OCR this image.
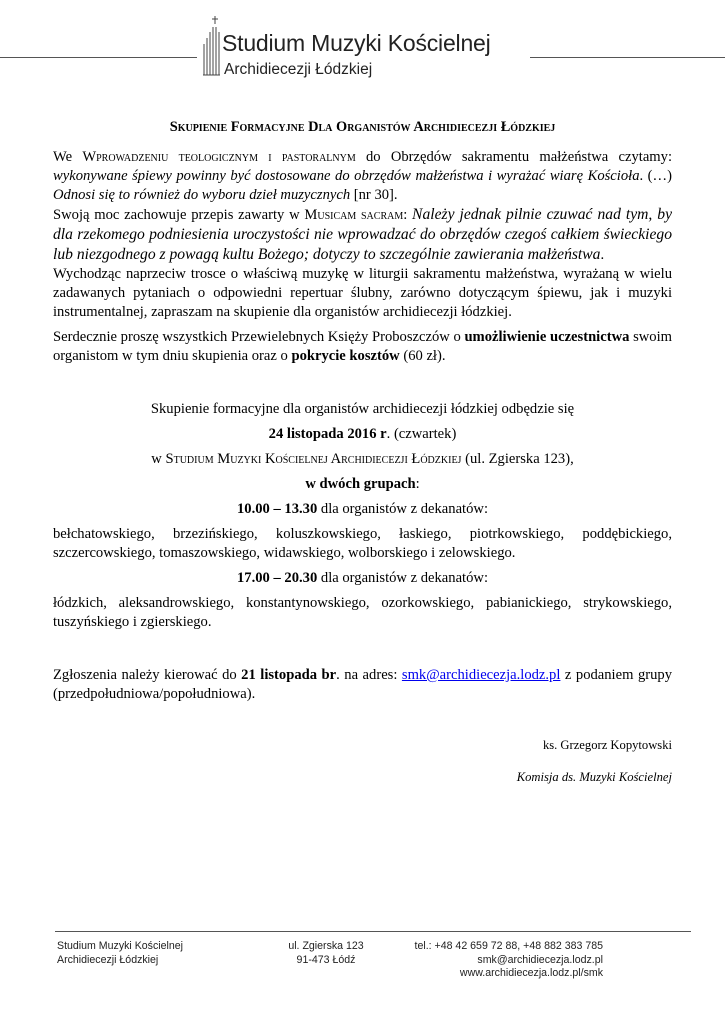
Studium Muzyki Kościelnej
Archidiecezji Łódzkiej
Skupienie Formacyjne Dla Organistów Archidiecezji Łódzkiej

We Wprowadzeniu teologicznym i pastoralnym do Obrzędów sakramentu małżeństwa czytamy: wykonywane śpiewy powinny być dostosowane do obrzędów małżeństwa i wyrażać wiarę Kościoła. (…) Odnosi się to również do wyboru dzieł muzycznych [nr 30].

Swoją moc zachowuje przepis zawarty w Musicam sacram: Należy jednak pilnie czuwać nad tym, by dla rzekomego podniesienia uroczystości nie wprowadzać do obrzędów czegoś całkiem świeckiego lub niezgodnego z powagą kultu Bożego; dotyczy to szczególnie zawierania małżeństwa.

Wychodząc naprzeciw trosce o właściwą muzykę w liturgii sakramentu małżeństwa, wyrażaną w wielu zadawanych pytaniach o odpowiedni repertuar ślubny, zarówno dotyczącym śpiewu, jak i muzyki instrumentalnej, zapraszam na skupienie dla organistów archidiecezji łódzkiej.

Serdecznie proszę wszystkich Przewielebnych Księży Proboszczów o umożliwienie uczestnictwa swoim organistom w tym dniu skupienia oraz o pokrycie kosztów (60 zł).

Skupienie formacyjne dla organistów archidiecezji łódzkiej odbędzie się

24 listopada 2016 r. (czwartek)

w Studium Muzyki Kościelnej Archidiecezji Łódzkiej (ul. Zgierska 123),

w dwóch grupach:

10.00 – 13.30 dla organistów z dekanatów:

bełchatowskiego, brzezińskiego, koluszkowskiego, łaskiego, piotrkowskiego, poddębickiego, szczercowskiego, tomaszowskiego, widawskiego, wolborskiego i zelowskiego.

17.00 – 20.30 dla organistów z dekanatów:

łódzkich, aleksandrowskiego, konstantynowskiego, ozorkowskiego, pabianickiego, strykowskiego, tuszyńskiego i zgierskiego.

Zgłoszenia należy kierować do 21 listopada br. na adres: smk@archidiecezja.lodz.pl z podaniem grupy (przedpołudniowa/popołudniowa).

ks. Grzegorz Kopytowski
Komisja ds. Muzyki Kościelnej
Studium Muzyki Kościelnej
Archidiecezji Łódzkiej
ul. Zgierska 123
91-473 Łódź
tel.: +48 42 659 72 88, +48 882 383 785
smk@archidiecezja.lodz.pl
www.archidiecezja.lodz.pl/smk
